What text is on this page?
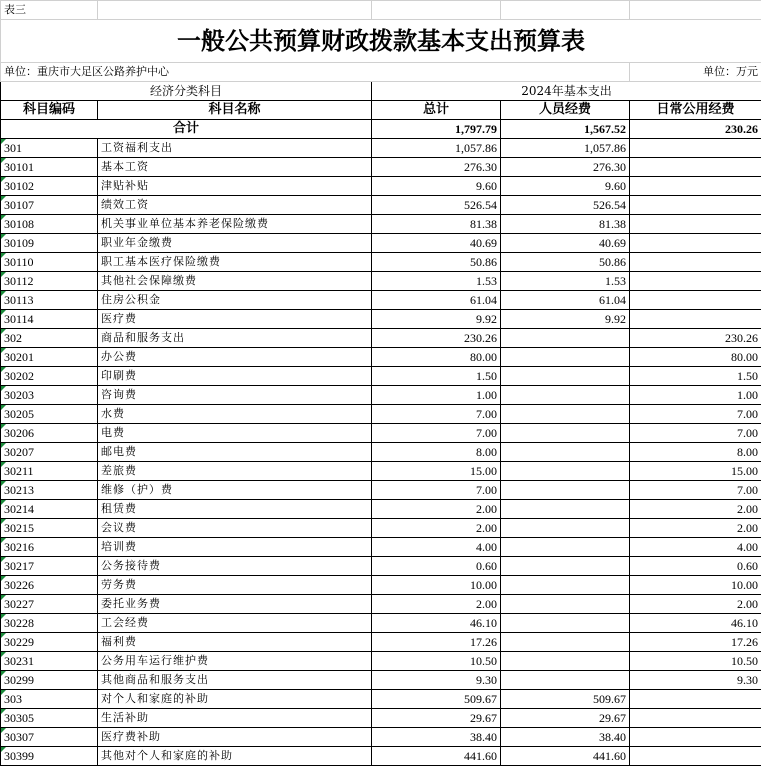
表三				
一般公共预算财政拨款基本支出预算表				
单位：重庆市大足区公路养护中心				单位：万元
经济分类科目		2024年基本支出		
科目编码	科目名称	总计	人员经费	日常公用经费
合计		1,797.79	1,567.52	230.26
301	工资福利支出	1,057.86	1,057.86	
30101	基本工资	276.30	276.30	
30102	津贴补贴	9.60	9.60	
30107	绩效工资	526.54	526.54	
30108	机关事业单位基本养老保险缴费	81.38	81.38	
30109	职业年金缴费	40.69	40.69	
30110	职工基本医疗保险缴费	50.86	50.86	
30112	其他社会保障缴费	1.53	1.53	
30113	住房公积金	61.04	61.04	
30114	医疗费	9.92	9.92	
302	商品和服务支出	230.26		230.26
30201	办公费	80.00		80.00
30202	印刷费	1.50		1.50
30203	咨询费	1.00		1.00
30205	水费	7.00		7.00
30206	电费	7.00		7.00
30207	邮电费	8.00		8.00
30211	差旅费	15.00		15.00
30213	维修（护）费	7.00		7.00
30214	租赁费	2.00		2.00
30215	会议费	2.00		2.00
30216	培训费	4.00		4.00
30217	公务接待费	0.60		0.60
30226	劳务费	10.00		10.00
30227	委托业务费	2.00		2.00
30228	工会经费	46.10		46.10
30229	福利费	17.26		17.26
30231	公务用车运行维护费	10.50		10.50
30299	其他商品和服务支出	9.30		9.30
303	对个人和家庭的补助	509.67	509.67	
30305	生活补助	29.67	29.67	
30307	医疗费补助	38.40	38.40	
30399	其他对个人和家庭的补助	441.60	441.60	
